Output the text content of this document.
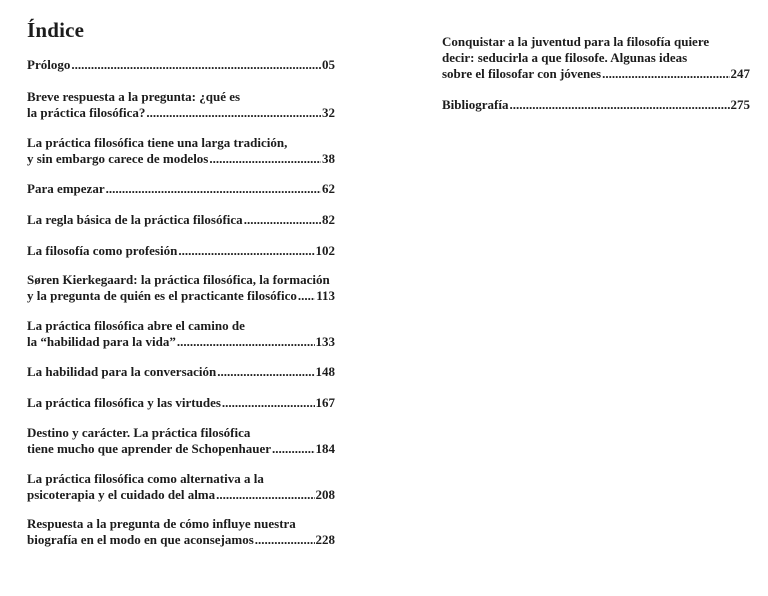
Índice
Prólogo .....	05
Breve respuesta a la pregunta: ¿qué es
la práctica filosófica? .....	32
La práctica filosófica tiene una larga tradición,
y sin embargo carece de modelos .....	38
Para empezar .....	62
La regla básica de la práctica filosófica .....	82
La filosofía como profesión .....	102
Søren Kierkegaard: la práctica filosófica, la formación
y la pregunta de quién es el practicante filosófico ..... 113
La práctica filosófica abre el camino de
la “habilidad para la vida” .....	133
La habilidad para la conversación .....	148
La práctica filosófica y las virtudes .....	167
Destino y carácter. La práctica filosófica
tiene mucho que aprender de Schopenhauer .....	184
La práctica filosófica como alternativa a la
psicoterapia y el cuidado del alma .....	208
Respuesta a la pregunta de cómo influye nuestra
biografía en el modo en que aconsejamos .....	228
Conquistar a la juventud para la filosofía quiere
decir: seducirla a que filosofe. Algunas ideas
sobre el filosofar con jóvenes .....	247
Bibliografía .....	275
